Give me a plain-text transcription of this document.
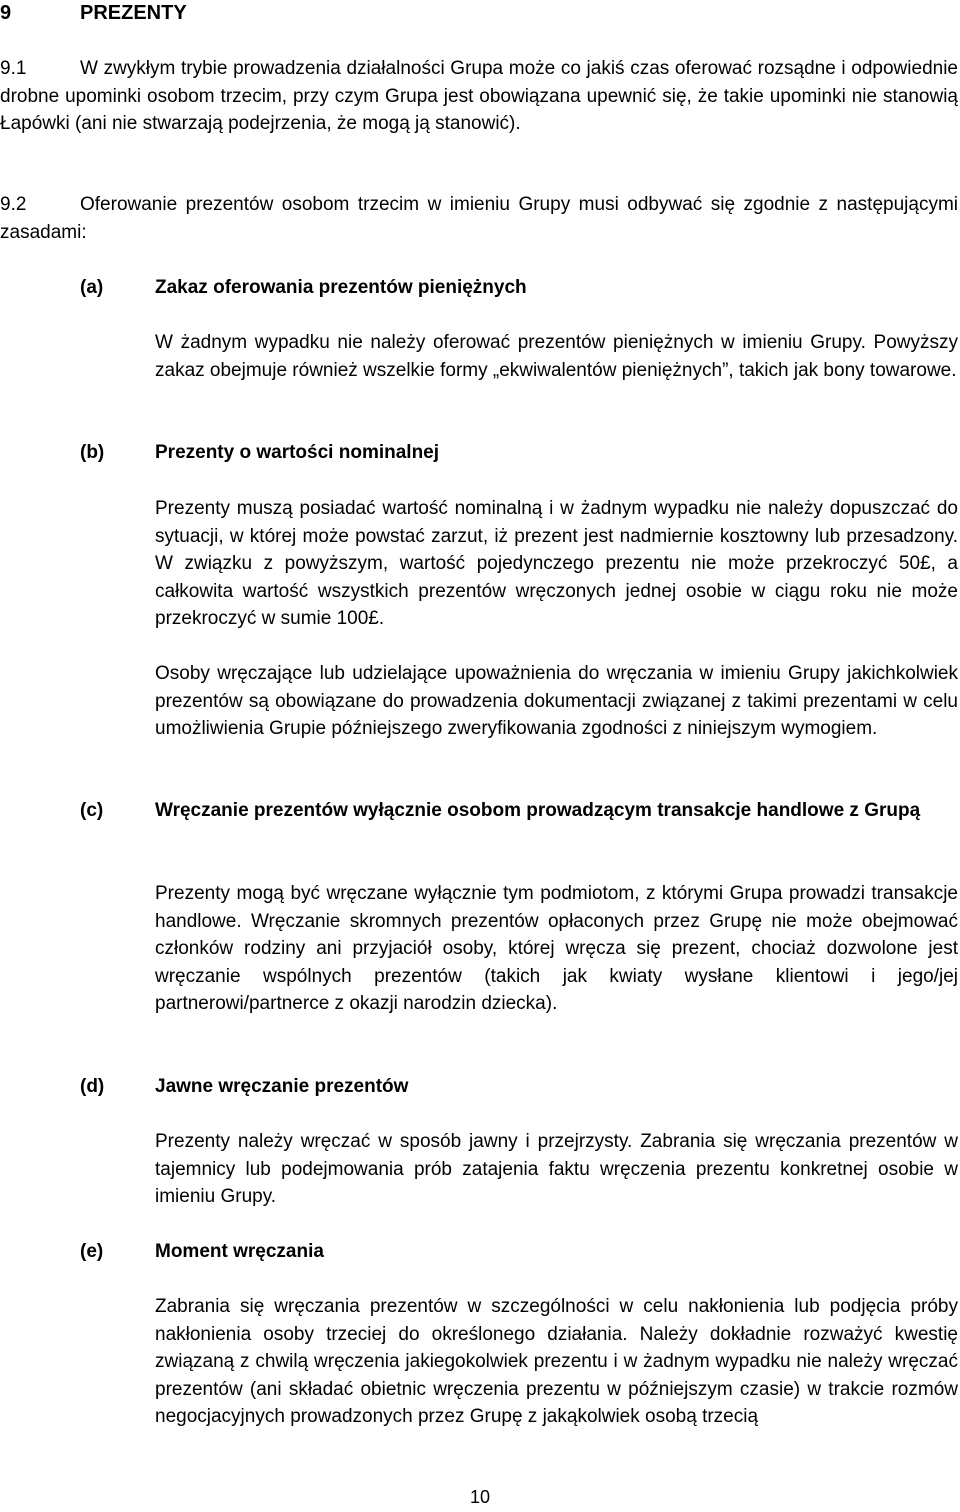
9	PREZENTY

9.1	W zwykłym trybie prowadzenia działalności Grupa może co jakiś czas oferować rozsądne i odpowiednie drobne upominki osobom trzecim, przy czym Grupa jest obowiązana upewnić się, że takie upominki nie stanowią Łapówki (ani nie stwarzają podejrzenia, że mogą ją stanowić).

9.2	Oferowanie prezentów osobom trzecim w imieniu Grupy musi odbywać się zgodnie z następującymi zasadami:

(a)	Zakaz oferowania prezentów pieniężnych

W żadnym wypadku nie należy oferować prezentów pieniężnych w imieniu Grupy. Powyższy zakaz obejmuje również wszelkie formy „ekwiwalentów pieniężnych”, takich jak bony towarowe.

(b)	Prezenty o wartości nominalnej

Prezenty muszą posiadać wartość nominalną i w żadnym wypadku nie należy dopuszczać do sytuacji, w której może powstać zarzut, iż prezent jest nadmiernie kosztowny lub przesadzony. W związku z powyższym, wartość pojedynczego prezentu nie może przekroczyć 50£, a całkowita wartość wszystkich prezentów wręczonych jednej osobie w ciągu roku nie może przekroczyć w sumie 100£.

Osoby wręczające lub udzielające upoważnienia do wręczania w imieniu Grupy jakichkolwiek prezentów są obowiązane do prowadzenia dokumentacji związanej z takimi prezentami w celu umożliwienia Grupie późniejszego zweryfikowania zgodności z niniejszym wymogiem.

(c)	Wręczanie prezentów wyłącznie osobom prowadzącym transakcje handlowe z Grupą

Prezenty mogą być wręczane wyłącznie tym podmiotom, z którymi Grupa prowadzi transakcje handlowe. Wręczanie skromnych prezentów opłaconych przez Grupę nie może obejmować członków rodziny ani przyjaciół osoby, której wręcza się prezent, chociaż dozwolone jest wręczanie wspólnych prezentów (takich jak kwiaty wysłane klientowi i jego/jej partnerowi/partnerce z okazji narodzin dziecka).

(d)	Jawne wręczanie prezentów

Prezenty należy wręczać w sposób jawny i przejrzysty. Zabrania się wręczania prezentów w tajemnicy lub podejmowania prób zatajenia faktu wręczenia prezentu konkretnej osobie w imieniu Grupy.

(e)	Moment wręczania

Zabrania się wręczania prezentów w szczególności w celu nakłonienia lub podjęcia próby nakłonienia osoby trzeciej do określonego działania. Należy dokładnie rozważyć kwestię związaną z chwilą wręczenia jakiegokolwiek prezentu i w żadnym wypadku nie należy wręczać prezentów (ani składać obietnic wręczenia prezentu w późniejszym czasie) w trakcie rozmów negocjacyjnych prowadzonych przez Grupę z jakąkolwiek osobą trzecią

10
